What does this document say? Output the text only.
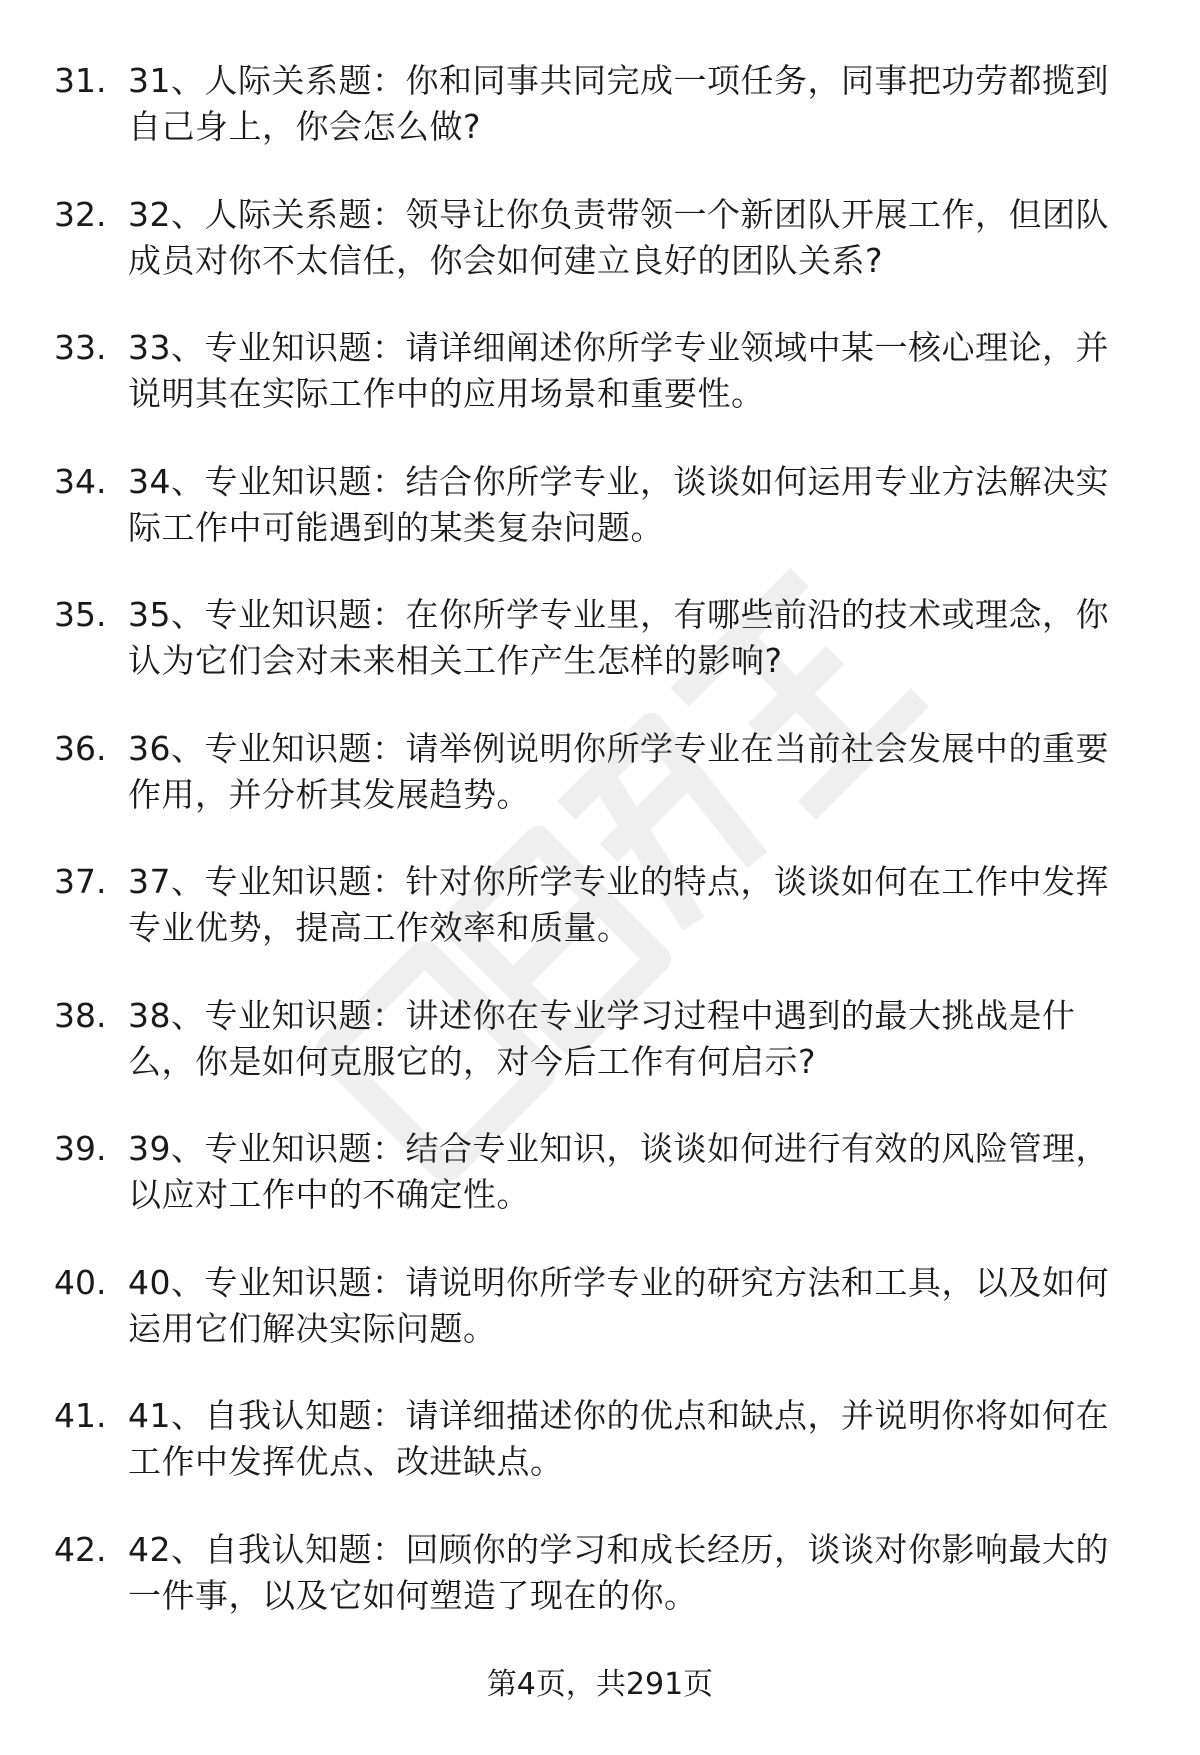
31. 31、人际关系题：你和同事共同完成一项任务，同事把功劳都揽到自己身上，你会怎么做?
32. 32、人际关系题：领导让你负责带领一个新团队开展工作，但团队成员对你不太信任，你会如何建立良好的团队关系?
33. 33、专业知识题：请详细阐述你所学专业领域中某一核心理论，并说明其在实际工作中的应用场景和重要性。
34. 34、专业知识题：结合你所学专业，谈谈如何运用专业方法解决实际工作中可能遇到的某类复杂问题。
35. 35、专业知识题：在你所学专业里，有哪些前沿的技术或理念，你认为它们会对未来相关工作产生怎样的影响?
36. 36、专业知识题：请举例说明你所学专业在当前社会发展中的重要作用，并分析其发展趋势。
37. 37、专业知识题：针对你所学专业的特点，谈谈如何在工作中发挥专业优势，提高工作效率和质量。
38. 38、专业知识题：讲述你在专业学习过程中遇到的最大挑战是什么，你是如何克服它的，对今后工作有何启示?
39. 39、专业知识题：结合专业知识，谈谈如何进行有效的风险管理，以应对工作中的不确定性。
40. 40、专业知识题：请说明你所学专业的研究方法和工具，以及如何运用它们解决实际问题。
41. 41、自我认知题：请详细描述你的优点和缺点，并说明你将如何在工作中发挥优点、改进缺点。
42. 42、自我认知题：回顾你的学习和成长经历，谈谈对你影响最大的一件事，以及它如何塑造了现在的你。
第4页，共291页
